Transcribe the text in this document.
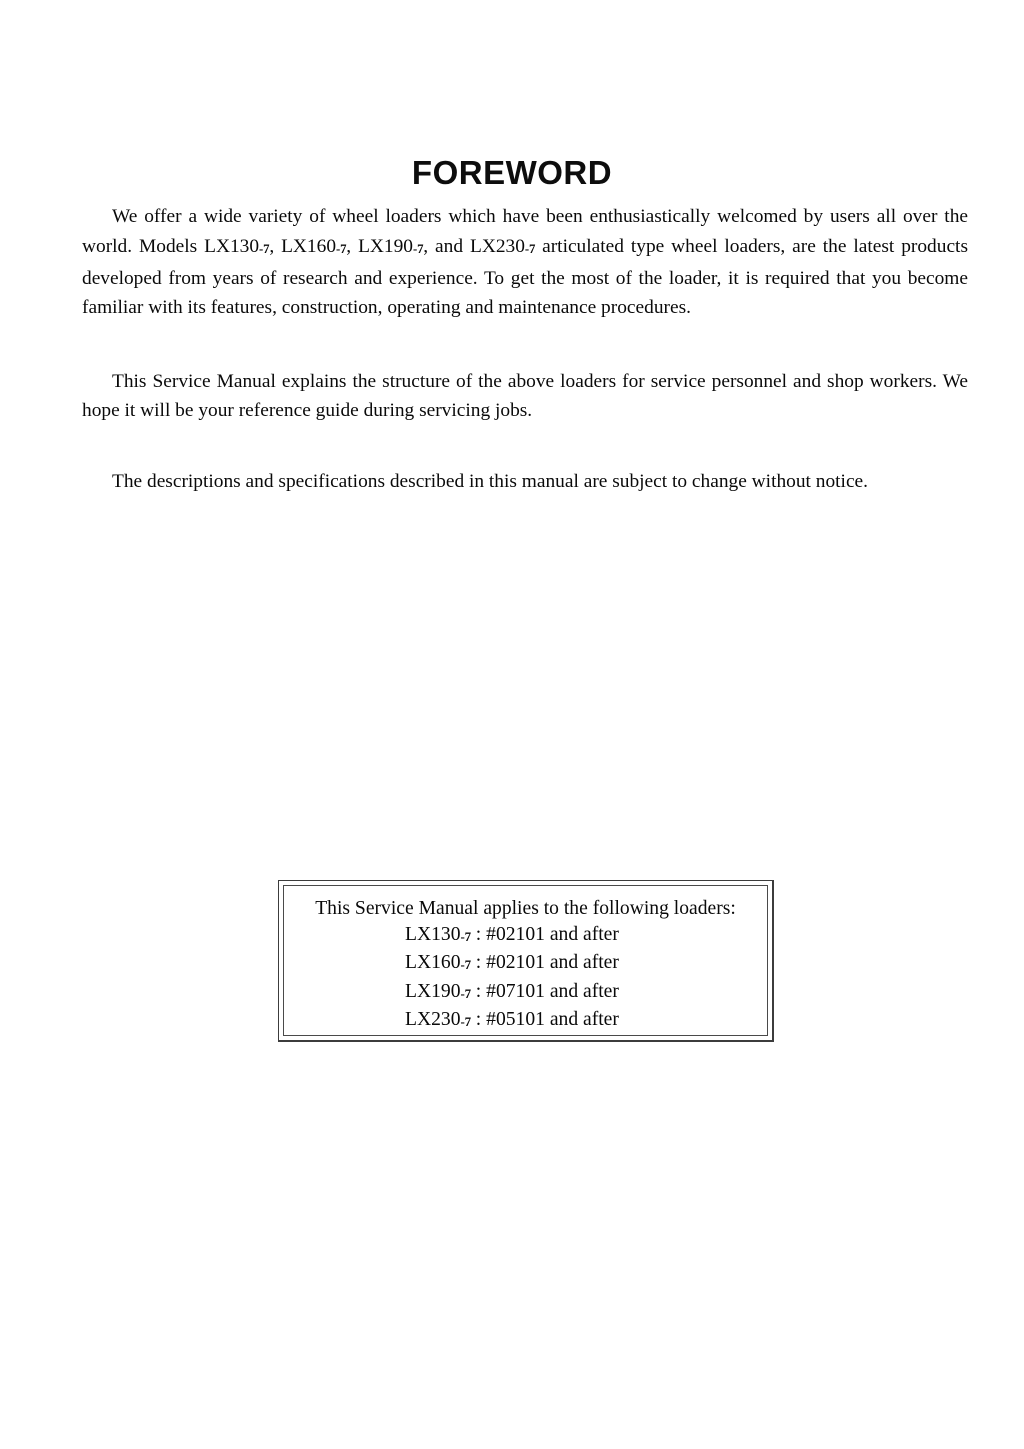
FOREWORD

We offer a wide variety of wheel loaders which have been enthusiastically welcomed by users all over the world. Models LX130-7, LX160-7, LX190-7, and LX230-7 articulated type wheel loaders, are the latest products developed from years of research and experience. To get the most of the loader, it is required that you become familiar with its features, construction, operating and maintenance procedures.

This Service Manual explains the structure of the above loaders for service personnel and shop workers. We hope it will be your reference guide during servicing jobs.

The descriptions and specifications described in this manual are subject to change without notice.

This Service Manual applies to the following loaders:
LX130-7 : #02101 and after
LX160-7 : #02101 and after
LX190-7 : #07101 and after
LX230-7 : #05101 and after
